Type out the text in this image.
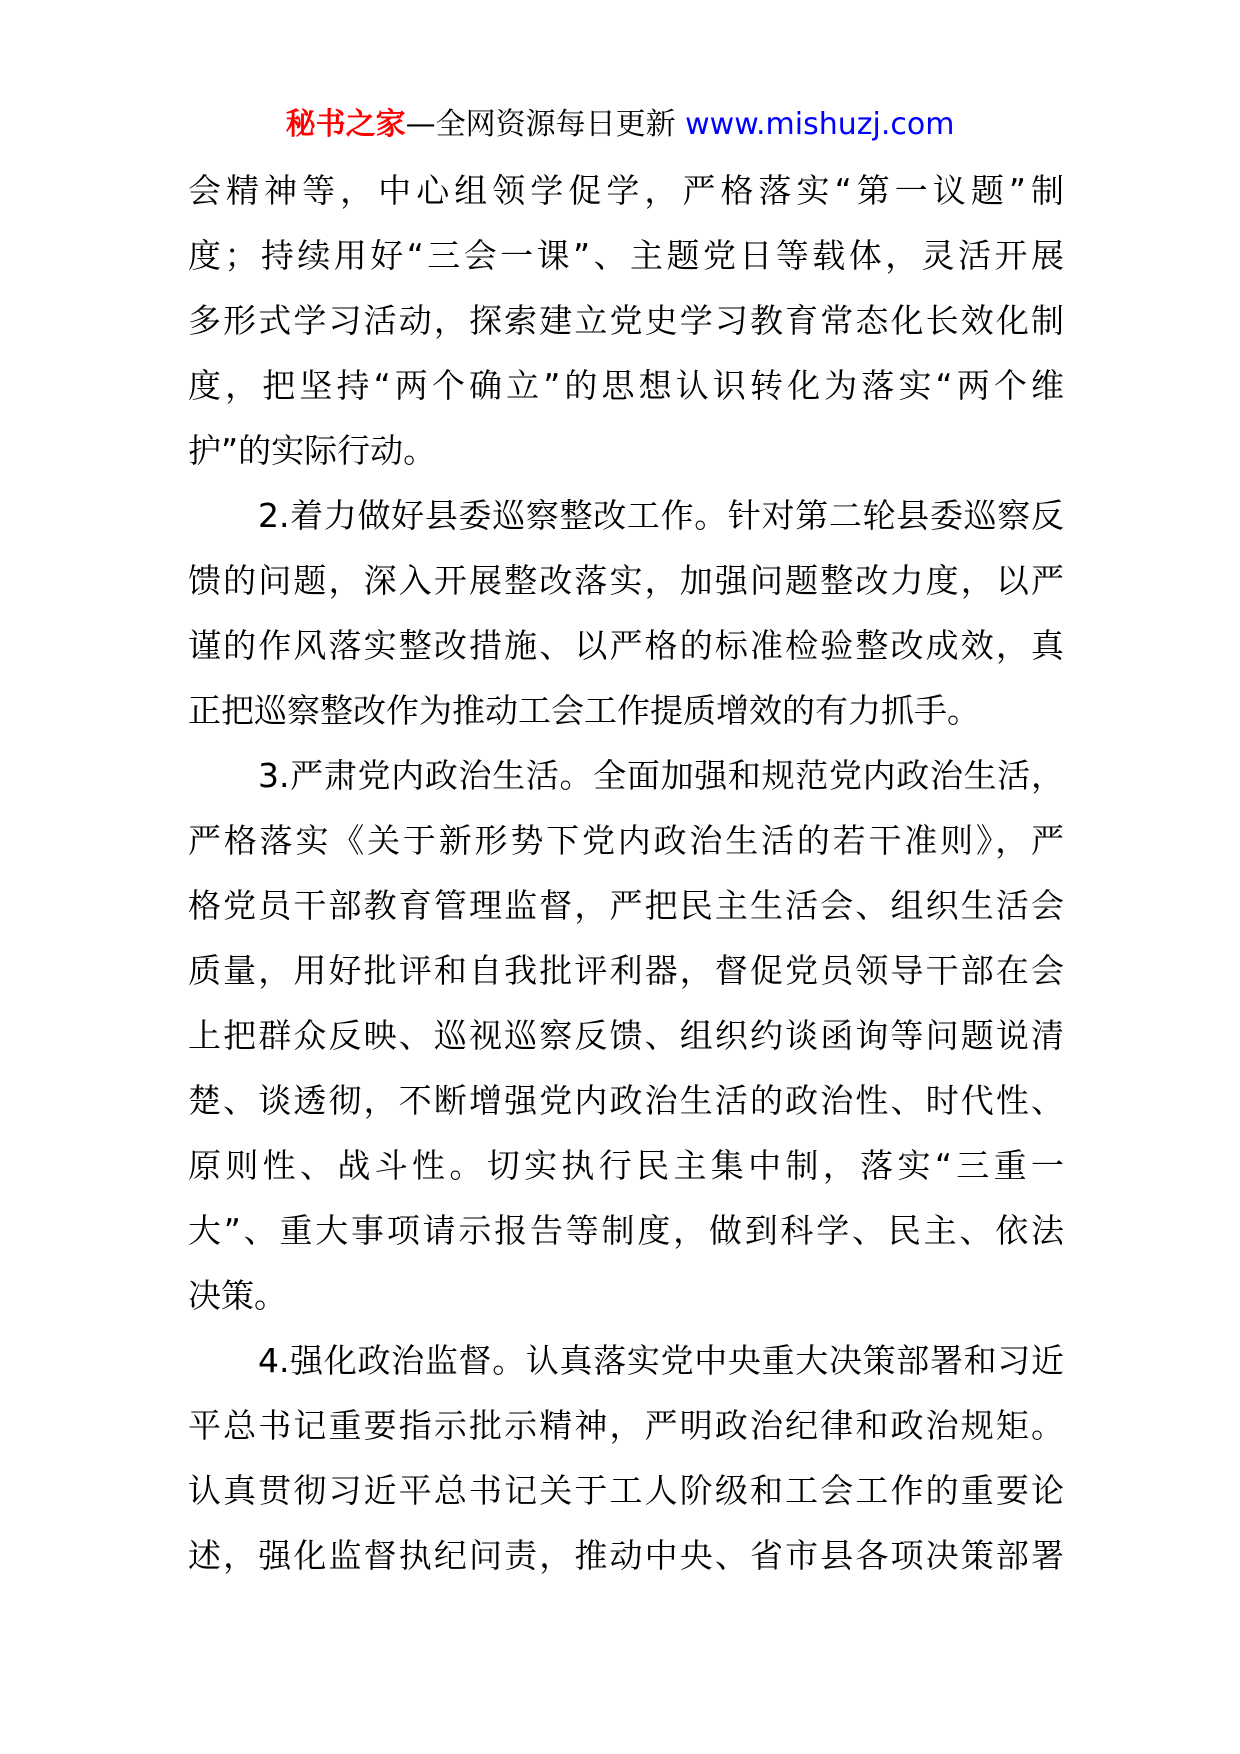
秘书之家—全网资源每日更新 www.mishuzj.com
会精神等，中心组领学促学，严格落实“第一议题”制
度；持续用好“三会一课”、主题党日等载体，灵活开展
多形式学习活动，探索建立党史学习教育常态化长效化制
度，把坚持“两个确立”的思想认识转化为落实“两个维
护”的实际行动。
2.着力做好县委巡察整改工作。针对第二轮县委巡察反
馈的问题，深入开展整改落实，加强问题整改力度，以严
谨的作风落实整改措施、以严格的标准检验整改成效，真
正把巡察整改作为推动工会工作提质增效的有力抓手。
3.严肃党内政治生活。全面加强和规范党内政治生活，
严格落实《关于新形势下党内政治生活的若干准则》，严
格党员干部教育管理监督，严把民主生活会、组织生活会
质量，用好批评和自我批评利器，督促党员领导干部在会
上把群众反映、巡视巡察反馈、组织约谈函询等问题说清
楚、谈透彻，不断增强党内政治生活的政治性、时代性、
原则性、战斗性。切实执行民主集中制，落实“三重一
大”、重大事项请示报告等制度，做到科学、民主、依法
决策。
4.强化政治监督。认真落实党中央重大决策部署和习近
平总书记重要指示批示精神，严明政治纪律和政治规矩。
认真贯彻习近平总书记关于工人阶级和工会工作的重要论
述，强化监督执纪问责，推动中央、省市县各项决策部署
